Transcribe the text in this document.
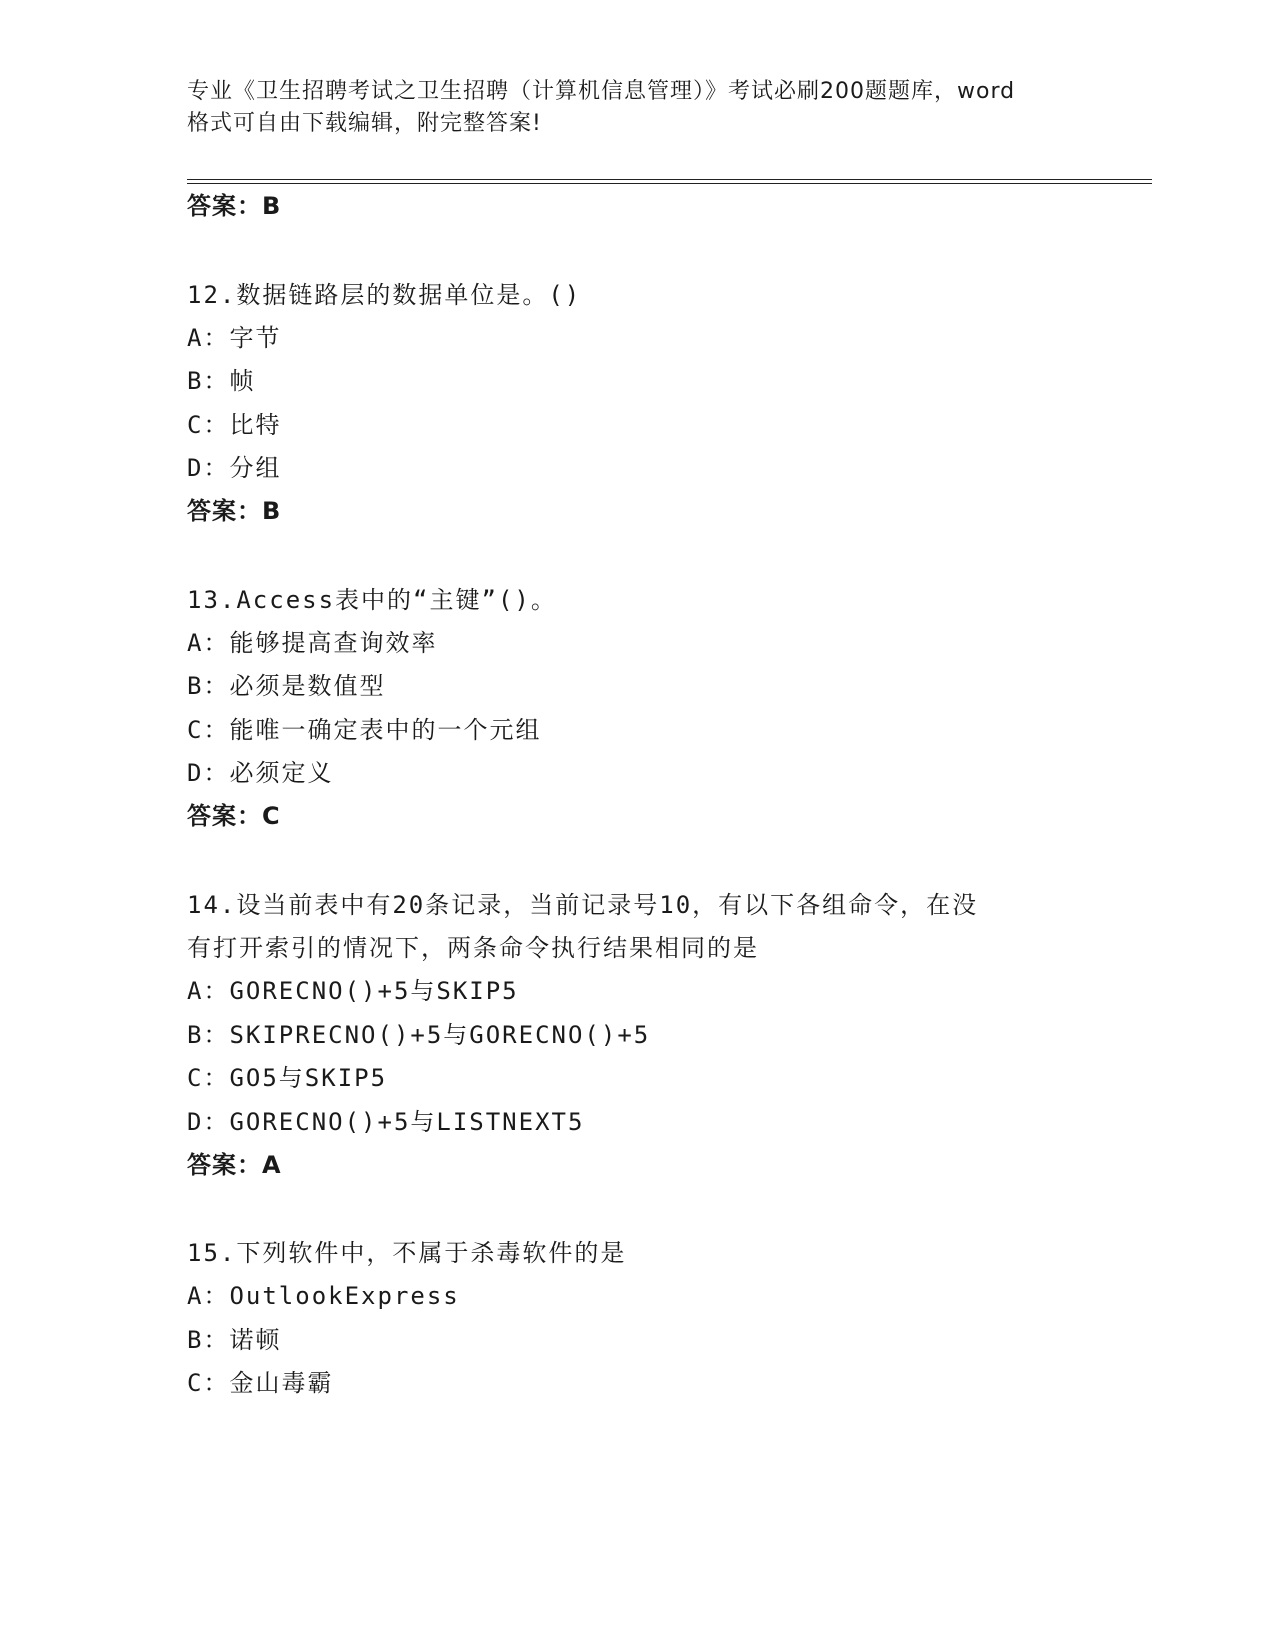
专业《卫生招聘考试之卫生招聘（计算机信息管理）》考试必刷200题题库，word
格式可自由下载编辑，附完整答案!

答案：B

12.数据链路层的数据单位是。()

A：字节

B：帧

C：比特

D：分组

答案：B

13.Access表中的“主键”()。

A：能够提高查询效率

B：必须是数值型

C：能唯一确定表中的一个元组

D：必须定义

答案：C

14.设当前表中有20条记录，当前记录号10，有以下各组命令，在没

有打开索引的情况下，两条命令执行结果相同的是

A：GORECNO()+5与SKIP5

B：SKIPRECNO()+5与GORECNO()+5

C：GO5与SKIP5

D：GORECNO()+5与LISTNEXT5

答案：A

15.下列软件中，不属于杀毒软件的是

A：OutlookExpress

B：诺顿

C：金山毒霸
